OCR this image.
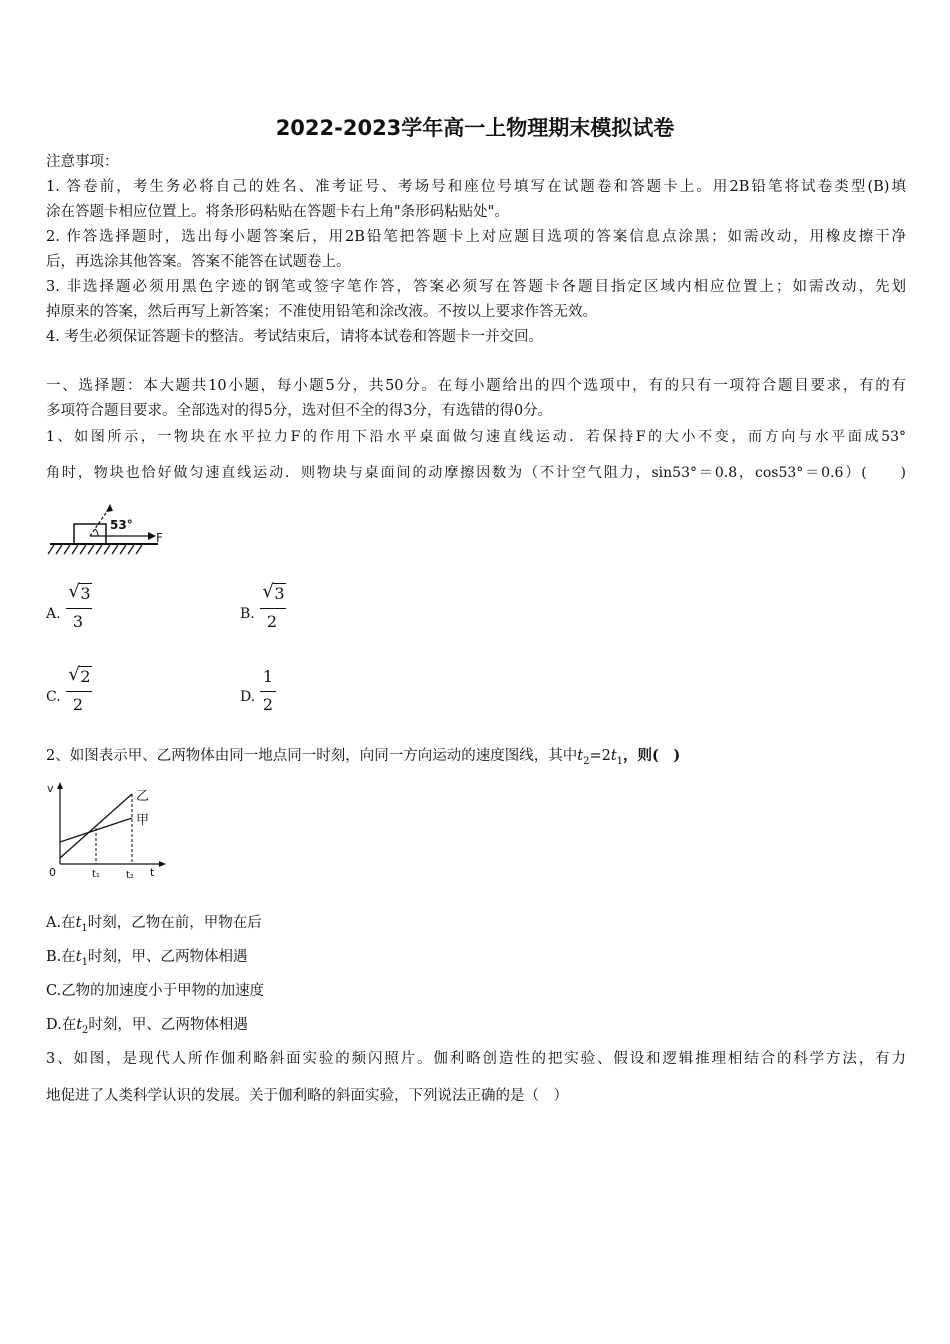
2022-2023学年高一上物理期末模拟试卷
注意事项：
1. 答卷前，考生务必将自己的姓名、准考证号、考场号和座位号填写在试题卷和答题卡上。用2B铅笔将试卷类型(B)填
涂在答题卡相应位置上。将条形码粘贴在答题卡右上角"条形码粘贴处"。
2. 作答选择题时，选出每小题答案后，用2B铅笔把答题卡上对应题目选项的答案信息点涂黑；如需改动，用橡皮擦干净
后，再选涂其他答案。答案不能答在试题卷上。
3. 非选择题必须用黑色字迹的钢笔或签字笔作答，答案必须写在答题卡各题目指定区域内相应位置上；如需改动，先划
掉原来的答案，然后再写上新答案；不准使用铅笔和涂改液。不按以上要求作答无效。
4. 考生必须保证答题卡的整洁。考试结束后，请将本试卷和答题卡一并交回。
一、选择题：本大题共10小题，每小题5分，共50分。在每小题给出的四个选项中，有的只有一项符合题目要求，有的有
多项符合题目要求。全部选对的得5分，选对但不全的得3分，有选错的得0分。
1、如图所示，一物块在水平拉力F的作用下沿水平桌面做匀速直线运动．若保持F的大小不变，而方向与水平面成53°
角时，物块也恰好做匀速直线运动．则物块与桌面间的动摩擦因数为（不计空气阻力，sin53°＝0.8，cos53°＝0.6）(　　)
53°
F
A.
√ 3
3	B.
√ 3
2
C.
√ 2
2	D.
1
2
2、如图表示甲、乙两物体由同一地点同一时刻，向同一方向运动的速度图线，其中$t_2=2t_1$，则(　)
v
0	t₁	t₂ t
乙
甲
A.在$t_1$时刻，乙物在前，甲物在后
B.在$t_1$时刻，甲、乙两物体相遇
C.乙物的加速度小于甲物的加速度
D.在$t_2$时刻，甲、乙两物体相遇
3、如图，是现代人所作伽利略斜面实验的频闪照片。伽利略创造性的把实验、假设和逻辑推理相结合的科学方法，有力
地促进了人类科学认识的发展。关于伽利略的斜面实验，下列说法正确的是（　）
